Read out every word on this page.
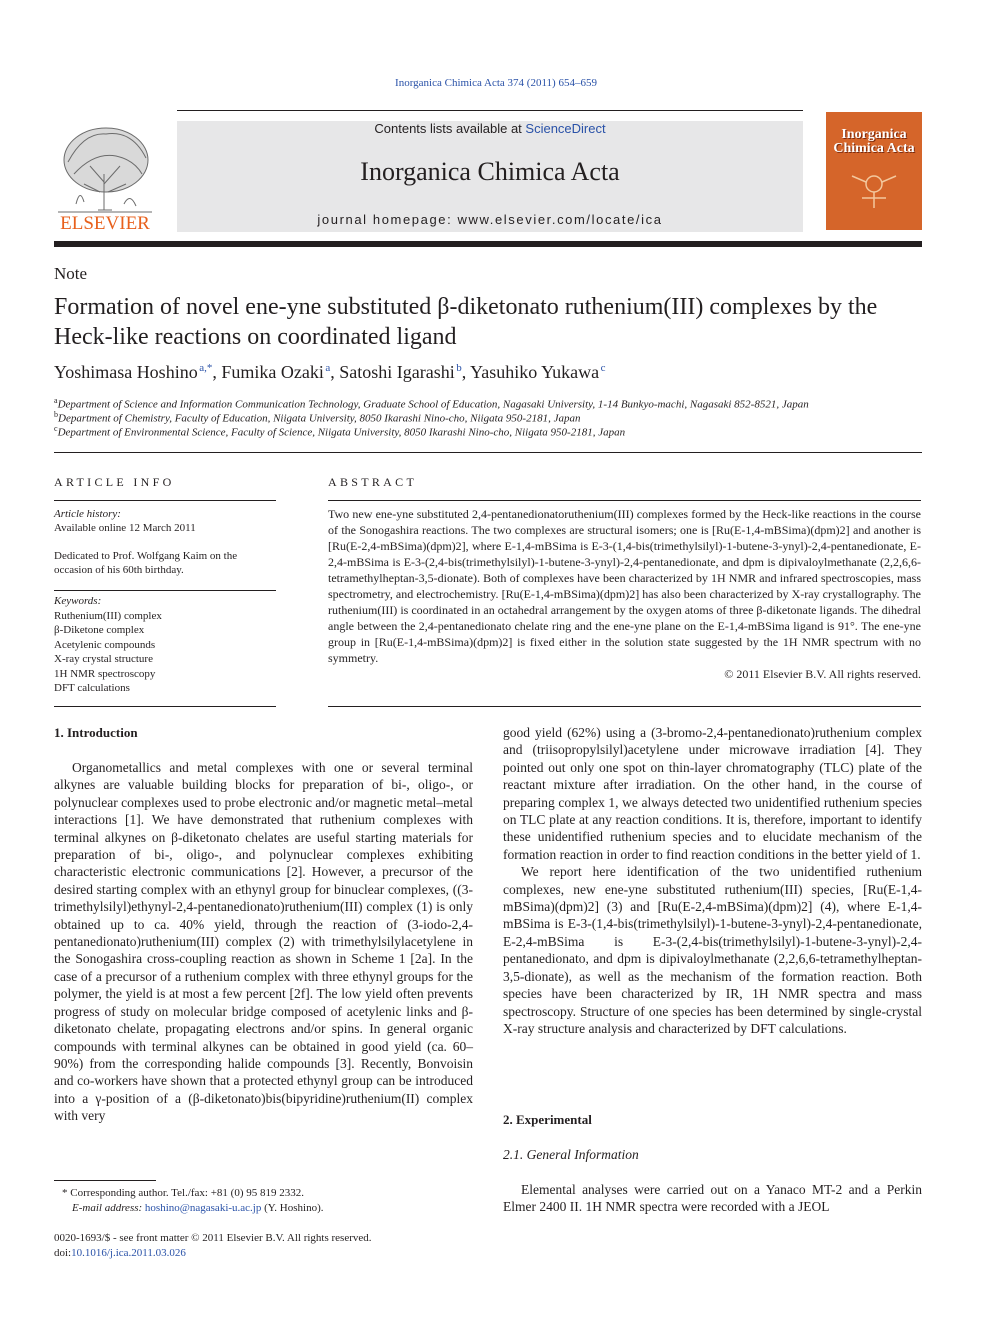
Inorganica Chimica Acta 374 (2011) 654–659
Contents lists available at ScienceDirect
Inorganica Chimica Acta
journal homepage: www.elsevier.com/locate/ica
ELSEVIER
Inorganica
Chimica Acta
Note
Formation of novel ene-yne substituted β-diketonato ruthenium(III) complexes by the Heck-like reactions on coordinated ligand
Yoshimasa Hoshino  $^{a,*}$, Fumika Ozaki  $^a$, Satoshi Igarashi  $^b$, Yasuhiko Yukawa  $^c$
$^a$Department of Science and Information Communication Technology, Graduate School of Education, Nagasaki University, 1-14 Bunkyo-machi, Nagasaki 852-8521, Japan
$^b$Department of Chemistry, Faculty of Education, Niigata University, 8050 Ikarashi Nino-cho, Niigata 950-2181, Japan
$^c$Department of Environmental Science, Faculty of Science, Niigata University, 8050 Ikarashi Nino-cho, Niigata 950-2181, Japan
ARTICLE INFO

Article history:

Available online 12 March 2011

Dedicated to Prof. Wolfgang Kaim on the occasion of his 60th birthday.

Keywords:

Ruthenium(III) complex

β-Diketone complex

Acetylenic compounds

X-ray crystal structure

1H NMR spectroscopy

DFT calculations

ABSTRACT

Two new ene-yne substituted 2,4-pentanedionatoruthenium(III) complexes formed by the Heck-like reactions in the course of the Sonogashira reactions. The two complexes are structural isomers; one is [Ru(E-1,4-mBSima)(dpm)2] and another is [Ru(E-2,4-mBSima)(dpm)2], where E-1,4-mBSima is E-3-(1,4-bis(trimethylsilyl)-1-butene-3-ynyl)-2,4-pentanedionate, E-2,4-mBSima is E-3-(2,4-bis(trimethylsilyl)-1-butene-3-ynyl)-2,4-pentanedionate, and dpm is dipivaloylmethanate (2,2,6,6-tetramethylheptan-3,5-dionate). Both of complexes have been characterized by 1H NMR and infrared spectroscopies, mass spectrometry, and electrochemistry. [Ru(E-1,4-mBSima)(dpm)2] has also been characterized by X-ray crystallography. The ruthenium(III) is coordinated in an octahedral arrangement by the oxygen atoms of three β-diketonate ligands. The dihedral angle between the 2,4-pentanedionato chelate ring and the ene-yne plane on the E-1,4-mBSima ligand is 91°. The ene-yne group in [Ru(E-1,4-mBSima)(dpm)2] is fixed either in the solution state suggested by the 1H NMR spectrum with no symmetry.

© 2011 Elsevier B.V. All rights reserved.

1. Introduction

Organometallics and metal complexes with one or several terminal alkynes are valuable building blocks for preparation of bi-, oligo-, or polynuclear complexes used to probe electronic and/or magnetic metal–metal interactions [1]. We have demonstrated that ruthenium complexes with terminal alkynes on β-diketonato chelates are useful starting materials for preparation of bi-, oligo-, and polynuclear complexes exhibiting characteristic electronic communications [2]. However, a precursor of the desired starting complex with an ethynyl group for binuclear complexes, ((3-trimethylsilyl)ethynyl-2,4-pentanedionato)ruthenium(III) complex (1) is only obtained up to ca. 40% yield, through the reaction of (3-iodo-2,4-pentanedionato)ruthenium(III) complex (2) with trimethylsilylacetylene in the Sonogashira cross-coupling reaction as shown in Scheme 1 [2a]. In the case of a precursor of a ruthenium complex with three ethynyl groups for the polymer, the yield is at most a few percent [2f]. The low yield often prevents progress of study on molecular bridge composed of acetylenic links and β-diketonato chelate, propagating electrons and/or spins. In general organic compounds with terminal alkynes can be obtained in good yield (ca. 60–90%) from the corresponding halide compounds [3]. Recently, Bonvoisin and co-workers have shown that a protected ethynyl group can be introduced into a γ-position of a (β-diketonato)bis(bipyridine)ruthenium(II) complex with very

good yield (62%) using a (3-bromo-2,4-pentanedionato)ruthenium complex and (triisopropylsilyl)acetylene under microwave irradiation [4]. They pointed out only one spot on thin-layer chromatography (TLC) plate of the reactant mixture after irradiation. On the other hand, in the course of preparing complex 1, we always detected two unidentified ruthenium species on TLC plate at any reaction conditions. It is, therefore, important to identify these unidentified ruthenium species and to elucidate mechanism of the formation reaction in order to find reaction conditions in the better yield of 1.

We report here identification of the two unidentified ruthenium complexes, new ene-yne substituted ruthenium(III) species, [Ru(E-1,4-mBSima)(dpm)2] (3) and [Ru(E-2,4-mBSima)(dpm)2] (4), where E-1,4-mBSima is E-3-(1,4-bis(trimethylsilyl)-1-butene-3-ynyl)-2,4-pentanedionate, E-2,4-mBSima is E-3-(2,4-bis(trimethylsilyl)-1-butene-3-ynyl)-2,4-pentanedionato, and dpm is dipivaloylmethanate (2,2,6,6-tetramethylheptan-3,5-dionate), as well as the mechanism of the formation reaction. Both species have been characterized by IR, 1H NMR spectra and mass spectroscopy. Structure of one species has been determined by single-crystal X-ray structure analysis and characterized by DFT calculations.

2. Experimental
2.1. General Information

Elemental analyses were carried out on a Yanaco MT-2 and a Perkin Elmer 2400 II. 1H NMR spectra were recorded with a JEOL

* Corresponding author. Tel./fax: +81 (0) 95 819 2332.

E-mail address: hoshino@nagasaki-u.ac.jp (Y. Hoshino).

0020-1693/$ - see front matter © 2011 Elsevier B.V. All rights reserved.

doi:10.1016/j.ica.2011.03.026
